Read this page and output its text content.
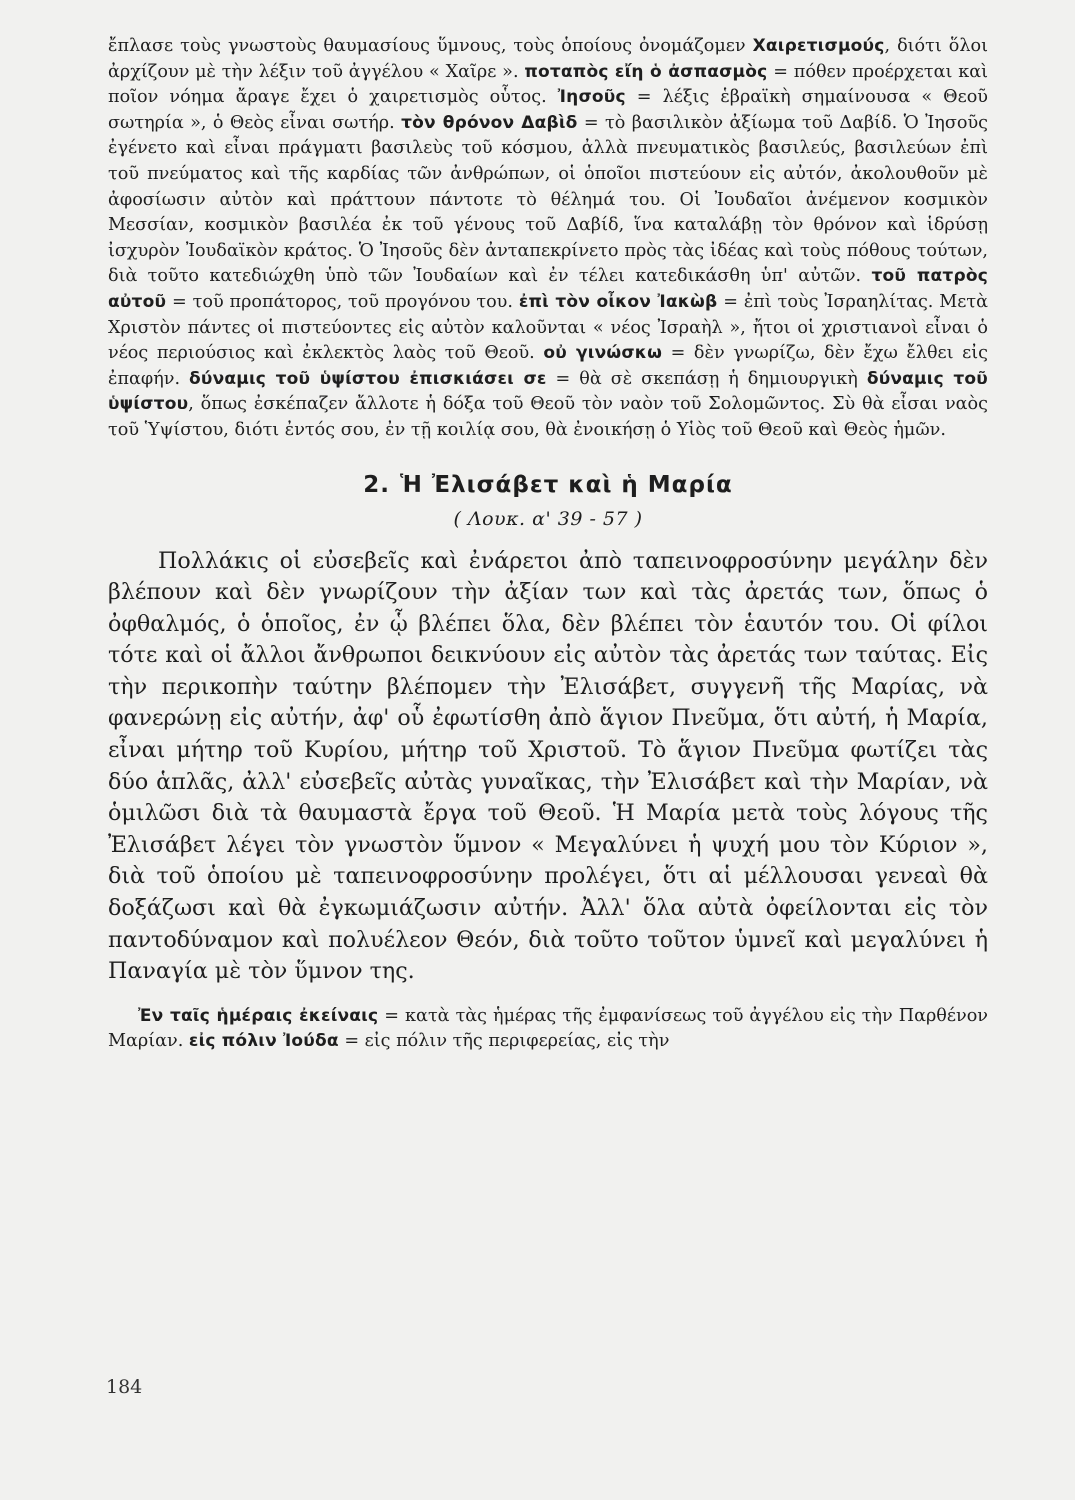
ἔπλασε τοὺς γνωστοὺς θαυμασίους ὕμνους, τοὺς ὁποίους ὀνομάζομεν Χαιρετισμούς, διότι ὅλοι ἀρχίζουν μὲ τὴν λέξιν τοῦ ἀγγέλου « Χαῖρε ». ποταπὸς εἴη ὁ ἀσπασμὸς = πόθεν προέρχεται καὶ ποῖον νόημα ἄραγε ἔχει ὁ χαιρετισμὸς οὗτος. Ἰησοῦς = λέξις ἑβραϊκὴ σημαίνουσα « Θεοῦ σωτηρία », ὁ Θεὸς εἶναι σωτήρ. τὸν θρόνον Δαβὶδ = τὸ βασιλικὸν ἀξίωμα τοῦ Δαβίδ. Ὁ Ἰησοῦς ἐγένετο καὶ εἶναι πράγματι βασιλεὺς τοῦ κόσμου, ἀλλὰ πνευματικὸς βασιλεύς, βασιλεύων ἐπὶ τοῦ πνεύματος καὶ τῆς καρδίας τῶν ἀνθρώπων, οἱ ὁποῖοι πιστεύουν εἰς αὐτόν, ἀκολουθοῦν μὲ ἀφοσίωσιν αὐτὸν καὶ πράττουν πάντοτε τὸ θέλημά του. Οἱ Ἰουδαῖοι ἀνέμενον κοσμικὸν Μεσσίαν, κοσμικὸν βασιλέα ἐκ τοῦ γένους τοῦ Δαβίδ, ἵνα καταλάβῃ τὸν θρόνον καὶ ἱδρύσῃ ἰσχυρὸν Ἰουδαϊκὸν κράτος. Ὁ Ἰησοῦς δὲν ἀνταπεκρίνετο πρὸς τὰς ἰδέας καὶ τοὺς πόθους τούτων, διὰ τοῦτο κατεδιώχθη ὑπὸ τῶν Ἰουδαίων καὶ ἐν τέλει κατεδικάσθη ὑπ' αὐτῶν. τοῦ πατρὸς αὐτοῦ = τοῦ προπάτορος, τοῦ προγόνου του. ἐπὶ τὸν οἶκον Ἰακὼβ = ἐπὶ τοὺς Ἰσραηλίτας. Μετὰ Χριστὸν πάντες οἱ πιστεύοντες εἰς αὐτὸν καλοῦνται « νέος Ἰσραὴλ », ἤτοι οἱ χριστιανοὶ εἶναι ὁ νέος περιούσιος καὶ ἐκλεκτὸς λαὸς τοῦ Θεοῦ. οὐ γινώσκω = δὲν γνωρίζω, δὲν ἔχω ἔλθει εἰς ἐπαφήν. δύναμις τοῦ ὑψίστου ἐπισκιάσει σε = θὰ σὲ σκεπάσῃ ἡ δημιουργικὴ δύναμις τοῦ ὑψίστου, ὅπως ἐσκέπαζεν ἄλλοτε ἡ δόξα τοῦ Θεοῦ τὸν ναὸν τοῦ Σολομῶντος. Σὺ θὰ εἶσαι ναὸς τοῦ Ὑψίστου, διότι ἐντός σου, ἐν τῇ κοιλίᾳ σου, θὰ ἐνοικήσῃ ὁ Υἱὸς τοῦ Θεοῦ καὶ Θεὸς ἡμῶν.

2. Ἡ Ἐλισάβετ καὶ ἡ Μαρία
( Λουκ. α' 39 - 57 )

Πολλάκις οἱ εὐσεβεῖς καὶ ἐνάρετοι ἀπὸ ταπεινοφροσύνην μεγάλην δὲν βλέπουν καὶ δὲν γνωρίζουν τὴν ἀξίαν των καὶ τὰς ἀρετάς των, ὅπως ὁ ὀφθαλμός, ὁ ὁποῖος, ἐν ᾧ βλέπει ὅλα, δὲν βλέπει τὸν ἑαυτόν του. Οἱ φίλοι τότε καὶ οἱ ἄλλοι ἄνθρωποι δεικνύουν εἰς αὐτὸν τὰς ἀρετάς των ταύτας. Εἰς τὴν περικοπὴν ταύτην βλέπομεν τὴν Ἐλισάβετ, συγγενῆ τῆς Μαρίας, νὰ φανερώνῃ εἰς αὐτήν, ἀφ' οὗ ἐφωτίσθη ἀπὸ ἅγιον Πνεῦμα, ὅτι αὐτή, ἡ Μαρία, εἶναι μήτηρ τοῦ Κυρίου, μήτηρ τοῦ Χριστοῦ. Τὸ ἅγιον Πνεῦμα φωτίζει τὰς δύο ἁπλᾶς, ἀλλ' εὐσεβεῖς αὐτὰς γυναῖκας, τὴν Ἐλισάβετ καὶ τὴν Μαρίαν, νὰ ὁμιλῶσι διὰ τὰ θαυμαστὰ ἔργα τοῦ Θεοῦ. Ἡ Μαρία μετὰ τοὺς λόγους τῆς Ἐλισάβετ λέγει τὸν γνωστὸν ὕμνον « Μεγαλύνει ἡ ψυχή μου τὸν Κύριον », διὰ τοῦ ὁποίου μὲ ταπεινοφροσύνην προλέγει, ὅτι αἱ μέλλουσαι γενεαὶ θὰ δοξάζωσι καὶ θὰ ἐγκωμιάζωσιν αὐτήν. Ἀλλ' ὅλα αὐτὰ ὀφείλονται εἰς τὸν παντοδύναμον καὶ πολυέλεον Θεόν, διὰ τοῦτο τοῦτον ὑμνεῖ καὶ μεγαλύνει ἡ Παναγία μὲ τὸν ὕμνον της.

Ἐν ταῖς ἡμέραις ἐκείναις = κατὰ τὰς ἡμέρας τῆς ἐμφανίσεως τοῦ ἀγγέλου εἰς τὴν Παρθένον Μαρίαν. εἰς πόλιν Ἰούδα = εἰς πόλιν τῆς περιφερείας, εἰς τὴν

184
